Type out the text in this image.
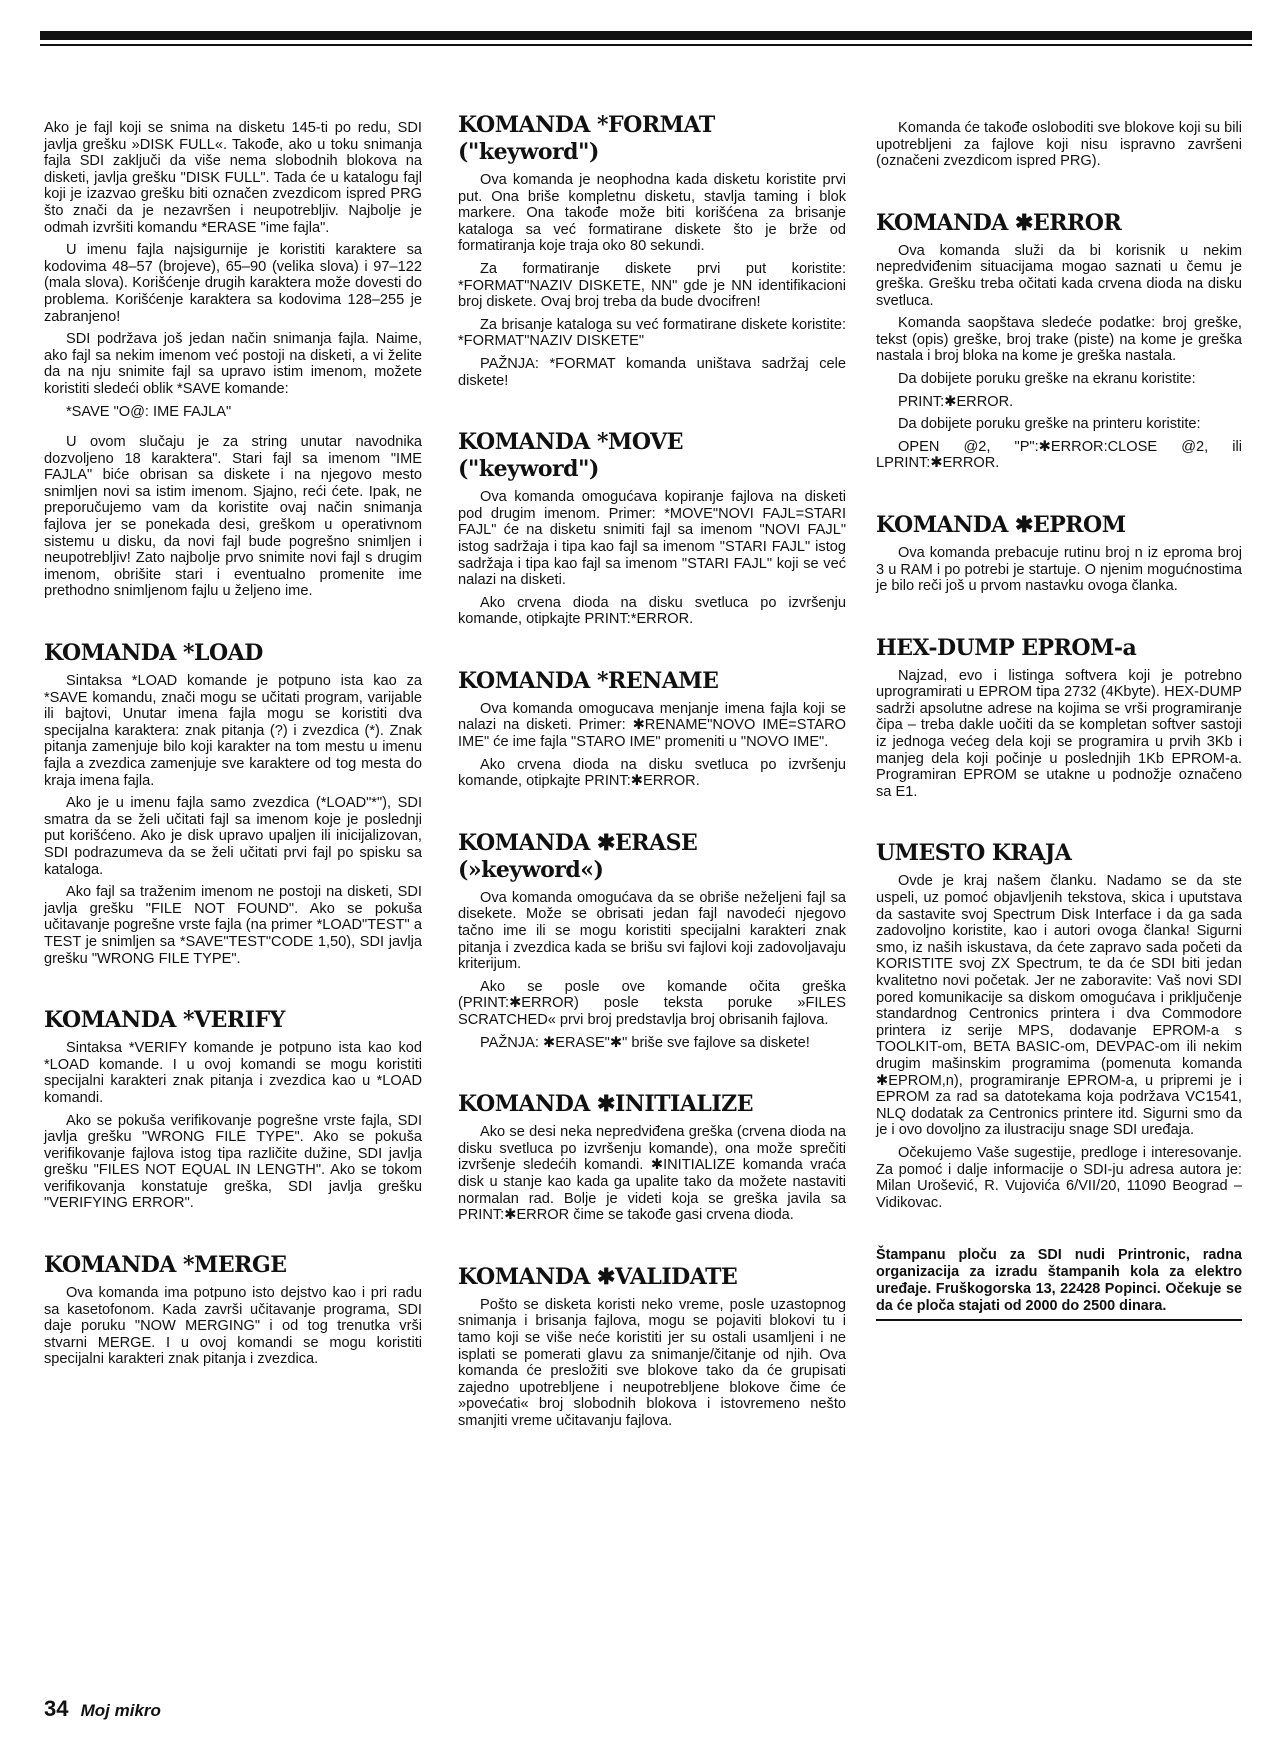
Ako je fajl koji se snima na disketu 145-ti po redu, SDI javlja grešku »DISK FULL«. Takođe, ako u toku snimanja fajla SDI zaključi da više nema slobodnih blokova na disketi, javlja grešku "DISK FULL". Tada će u katalogu fajl koji je izazvao grešku biti označen zvezdicom ispred PRG što znači da je nezavršen i neupotrebljiv. Najbolje je odmah izvršiti komandu *ERASE "ime fajla".

U imenu fajla najsigurnije je koristiti karaktere sa kodovima 48–57 (brojeve), 65–90 (velika slova) i 97–122 (mala slova). Korišćenje drugih karaktera može dovesti do problema. Korišćenje karaktera sa kodovima 128–255 je zabranjeno!

SDI podržava još jedan način snimanja fajla. Naime, ako fajl sa nekim imenom već postoji na disketi, a vi želite da na nju snimite fajl sa upravo istim imenom, možete koristiti sledeći oblik *SAVE komande:

*SAVE "O@: IME FAJLA"

U ovom slučaju je za string unutar navodnika dozvoljeno 18 karaktera". Stari fajl sa imenom "IME FAJLA" biće obrisan sa diskete i na njegovo mesto snimljen novi sa istim imenom. Sjajno, reći ćete. Ipak, ne preporučujemo vam da koristite ovaj način snimanja fajlova jer se ponekada desi, greškom u operativnom sistemu u disku, da novi fajl bude pogrešno snimljen i neupotrebljiv! Zato najbolje prvo snimite novi fajl s drugim imenom, obrišite stari i eventualno promenite ime prethodno snimljenom fajlu u željeno ime.

KOMANDA *LOAD

Sintaksa *LOAD komande je potpuno ista kao za *SAVE komandu, znači mogu se učitati program, varijable ili bajtovi, Unutar imena fajla mogu se koristiti dva specijalna karaktera: znak pitanja (?) i zvezdica (*). Znak pitanja zamenjuje bilo koji karakter na tom mestu u imenu fajla a zvezdica zamenjuje sve karaktere od tog mesta do kraja imena fajla.

Ako je u imenu fajla samo zvezdica (*LOAD"*"), SDI smatra da se želi učitati fajl sa imenom koje je poslednji put korišćeno. Ako je disk upravo upaljen ili inicijalizovan, SDI podrazumeva da se želi učitati prvi fajl po spisku sa kataloga.

Ako fajl sa traženim imenom ne postoji na disketi, SDI javlja grešku "FILE NOT FOUND". Ako se pokuša učitavanje pogrešne vrste fajla (na primer *LOAD"TEST" a TEST je snimljen sa *SAVE"TEST"CODE 1,50), SDI javlja grešku "WRONG FILE TYPE".

KOMANDA *VERIFY

Sintaksa *VERIFY komande je potpuno ista kao kod *LOAD komande. I u ovoj komandi se mogu koristiti specijalni karakteri znak pitanja i zvezdica kao u *LOAD komandi.

Ako se pokuša verifikovanje pogrešne vrste fajla, SDI javlja grešku "WRONG FILE TYPE". Ako se pokuša verifikovanje fajlova istog tipa različite dužine, SDI javlja grešku "FILES NOT EQUAL IN LENGTH". Ako se tokom verifikovanja konstatuje greška, SDI javlja grešku "VERIFYING ERROR".

KOMANDA *MERGE

Ova komanda ima potpuno isto dejstvo kao i pri radu sa kasetofonom. Kada završi učitavanje programa, SDI daje poruku "NOW MERGING" i od tog trenutka vrši stvarni MERGE. I u ovoj komandi se mogu koristiti specijalni karakteri znak pitanja i zvezdica.

KOMANDA *FORMAT
("keyword")

Ova komanda je neophodna kada disketu koristite prvi put. Ona briše kompletnu disketu, stavlja taming i blok markere. Ona takođe može biti korišćena za brisanje kataloga sa već formatirane diskete što je brže od formatiranja koje traja oko 80 sekundi.

Za formatiranje diskete prvi put koristite: *FORMAT"NAZIV DISKETE, NN" gde je NN identifikacioni broj diskete. Ovaj broj treba da bude dvocifren!

Za brisanje kataloga su već formatirane diskete koristite: *FORMAT"NAZIV DISKETE"

PAŽNJA: *FORMAT komanda uništava sadržaj cele diskete!

KOMANDA *MOVE
("keyword")

Ova komanda omogućava kopiranje fajlova na disketi pod drugim imenom. Primer: *MOVE"NOVI FAJL=STARI FAJL" će na disketu snimiti fajl sa imenom "NOVI FAJL" istog sadržaja i tipa kao fajl sa imenom "STARI FAJL" istog sadržaja i tipa kao fajl sa imenom "STARI FAJL" koji se već nalazi na disketi.

Ako crvena dioda na disku svetluca po izvršenju komande, otipkajte PRINT:*ERROR.

KOMANDA *RENAME

Ova komanda omogucava menjanje imena fajla koji se nalazi na disketi. Primer: ✱RENAME"NOVO IME=STARO IME" će ime fajla "STARO IME" promeniti u "NOVO IME".

Ako crvena dioda na disku svetluca po izvršenju komande, otipkajte PRINT:✱ERROR.

KOMANDA ✱ERASE
(»keyword«)

Ova komanda omogućava da se obriše neželjeni fajl sa disekete. Može se obrisati jedan fajl navodeći njegovo tačno ime ili se mogu koristiti specijalni karakteri znak pitanja i zvezdica kada se brišu svi fajlovi koji zadovoljavaju kriterijum.

Ako se posle ove komande očita greška (PRINT:✱ERROR) posle teksta poruke »FILES SCRATCHED« prvi broj predstavlja broj obrisanih fajlova.

PAŽNJA: ✱ERASE"✱" briše sve fajlove sa diskete!

KOMANDA ✱INITIALIZE

Ako se desi neka nepredviđena greška (crvena dioda na disku svetluca po izvršenju komande), ona može sprečiti izvršenje sledećih komandi. ✱INITIALIZE komanda vraća disk u stanje kao kada ga upalite tako da možete nastaviti normalan rad. Bolje je videti koja se greška javila sa PRINT:✱ERROR čime se takođe gasi crvena dioda.

KOMANDA ✱VALIDATE

Pošto se disketa koristi neko vreme, posle uzastopnog snimanja i brisanja fajlova, mogu se pojaviti blokovi tu i tamo koji se više neće koristiti jer su ostali usamljeni i ne isplati se pomerati glavu za snimanje/čitanje od njih. Ova komanda će presložiti sve blokove tako da će grupisati zajedno upotrebljene i neupotrebljene blokove čime će »povećati« broj slobodnih blokova i istovremeno nešto smanjiti vreme učitavanju fajlova.

Komanda će takođe osloboditi sve blokove koji su bili upotrebljeni za fajlove koji nisu ispravno završeni (označeni zvezdicom ispred PRG).

KOMANDA ✱ERROR

Ova komanda služi da bi korisnik u nekim nepredviđenim situacijama mogao saznati u čemu je greška. Grešku treba očitati kada crvena dioda na disku svetluca.

Komanda saopštava sledeće podatke: broj greške, tekst (opis) greške, broj trake (piste) na kome je greška nastala i broj bloka na kome je greška nastala.

Da dobijete poruku greške na ekranu koristite:

PRINT:✱ERROR.

Da dobijete poruku greške na printeru koristite:

OPEN @2, "P":✱ERROR:CLOSE @2, ili LPRINT:✱ERROR.

KOMANDA ✱EPROM

Ova komanda prebacuje rutinu broj n iz eproma broj 3 u RAM i po potrebi je startuje. O njenim mogućnostima je bilo reči još u prvom nastavku ovoga članka.

HEX-DUMP EPROM-a

Najzad, evo i listinga softvera koji je potrebno uprogramirati u EPROM tipa 2732 (4Kbyte). HEX-DUMP sadrži apsolutne adrese na kojima se vrši programiranje čipa – treba dakle uočiti da se kompletan softver sastoji iz jednoga većeg dela koji se programira u prvih 3Kb i manjeg dela koji počinje u poslednjih 1Kb EPROM-a. Programiran EPROM se utakne u podnožje označeno sa E1.

UMESTO KRAJA

Ovde je kraj našem članku. Nadamo se da ste uspeli, uz pomoć objavljenih tekstova, skica i uputstava da sastavite svoj Spectrum Disk Interface i da ga sada zadovoljno koristite, kao i autori ovoga članka! Sigurni smo, iz naših iskustava, da ćete zapravo sada početi da KORISTITE svoj ZX Spectrum, te da će SDI biti jedan kvalitetno novi početak. Jer ne zaboravite: Vaš novi SDI pored komunikacije sa diskom omogućava i priključenje standardnog Centronics printera i dva Commodore printera iz serije MPS, dodavanje EPROM-a s TOOLKIT-om, BETA BASIC-om, DEVPAC-om ili nekim drugim mašinskim programima (pomenuta komanda ✱EPROM,n), programiranje EPROM-a, u pripremi je i EPROM za rad sa datotekama koja podržava VC1541, NLQ dodatak za Centronics printere itd. Sigurni smo da je i ovo dovoljno za ilustraciju snage SDI uređaja.

Očekujemo Vaše sugestije, predloge i interesovanje. Za pomoć i dalje informacije o SDI-ju adresa autora je: Milan Urošević, R. Vujovića 6/VII/20, 11090 Beograd – Vidikovac.

Štampanu ploču za SDI nudi Printronic, radna organizacija za izradu štampanih kola za elektro uređaje. Fruškogorska 13, 22428 Popinci. Očekuje se da će ploča stajati od 2000 do 2500 dinara.
34 Moj mikro
